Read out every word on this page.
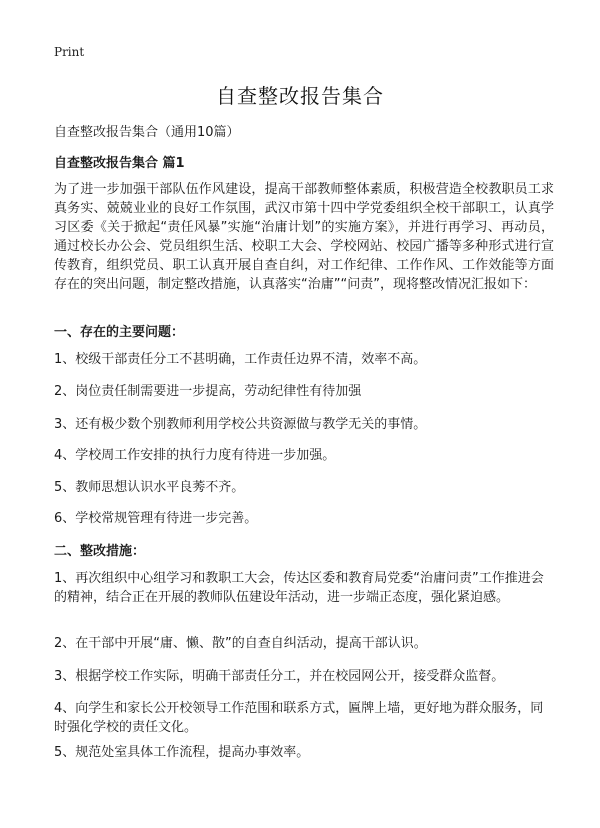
Print
自查整改报告集合
自查整改报告集合（通用10篇）
自查整改报告集合 篇1

为了进一步加强干部队伍作风建设，提高干部教师整体素质，积极营造全校教职员工求真务实、兢兢业业的良好工作氛围，武汉市第十四中学党委组织全校干部职工，认真学习区委《关于掀起“责任风暴”实施“治庸计划”的实施方案》，并进行再学习、再动员，通过校长办公会、党员组织生活、校职工大会、学校网站、校园广播等多种形式进行宣传教育，组织党员、职工认真开展自查自纠，对工作纪律、工作作风、工作效能等方面存在的突出问题，制定整改措施，认真落实“治庸”“问责”，现将整改情况汇报如下：

一、存在的主要问题：

1、校级干部责任分工不甚明确，工作责任边界不清，效率不高。

2、岗位责任制需要进一步提高，劳动纪律性有待加强

3、还有极少数个别教师利用学校公共资源做与教学无关的事情。

4、学校周工作安排的执行力度有待进一步加强。

5、教师思想认识水平良莠不齐。

6、学校常规管理有待进一步完善。

二、整改措施：

1、再次组织中心组学习和教职工大会，传达区委和教育局党委“治庸问责”工作推进会的精神，结合正在开展的教师队伍建设年活动，进一步端正态度，强化紧迫感。

2、在干部中开展“庸、懒、散”的自查自纠活动，提高干部认识。

3、根据学校工作实际，明确干部责任分工，并在校园网公开，接受群众监督。

4、向学生和家长公开校领导工作范围和联系方式，匾牌上墙，更好地为群众服务，同时强化学校的责任文化。

5、规范处室具体工作流程，提高办事效率。
